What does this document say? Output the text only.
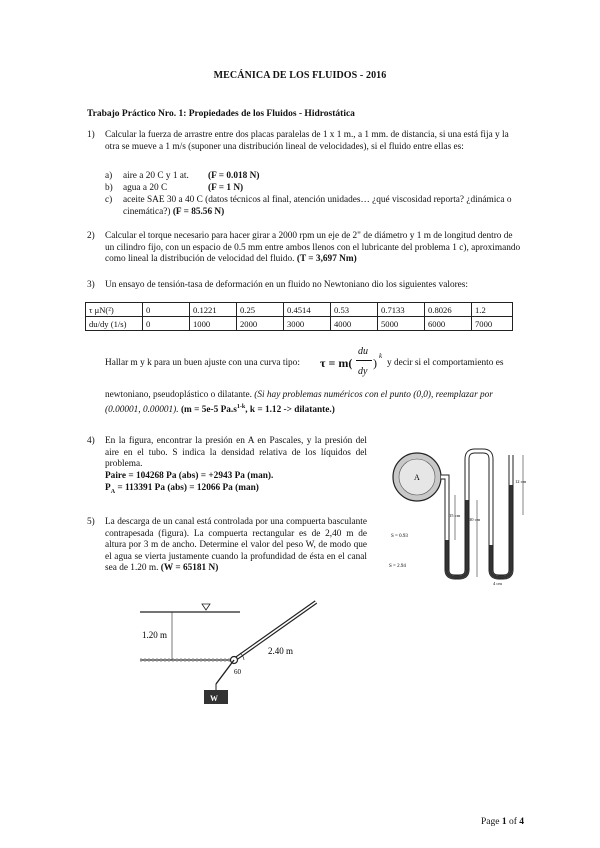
MECÁNICA DE LOS FLUIDOS - 2016
Trabajo Práctico Nro. 1: Propiedades de los Fluidos - Hidrostática
1) Calcular la fuerza de arrastre entre dos placas paralelas de 1 x 1 m., a 1 mm. de distancia, si una está fija y la otra se mueve a 1 m/s (suponer una distribución lineal de velocidades), si el fluido entre ellas es:
a) aire a 20 C y 1 at. (F = 0.018 N)
b) agua a 20 C	(F = 1 N)
c) aceite SAE 30 a 40 C (datos técnicos al final, atención unidades… ¿qué viscosidad reporta? ¿dinámica o cinemática?) (F = 85.56 N)
2) Calcular el torque necesario para hacer girar a 2000 rpm un eje de 2" de diámetro y 1 m de longitud dentro de un cilindro fijo, con un espacio de 0.5 mm entre ambos llenos con el lubricante del problema 1 c), aproximando como lineal la distribución de velocidad del fluido. (T = 3,697 Nm)
3) Un ensayo de tensión-tasa de deformación en un fluido no Newtoniano dio los siguientes valores:
τ μN(²)	0	0.1221	0.25	0.4514	0.53	0.7133	0.8026	1.2
du/dy (1/s)	0	1000	2000	3000	4000	5000	6000	7000
Hallar m y k para un buen ajuste con una curva tipo: τ = m(
du
dy
) k
y decir si el comportamiento es
newtoniano, pseudoplástico o dilatante. (Si hay problemas numéricos con el punto (0,0), reemplazar por (0.00001, 0.00001). (m = 5e-5 $Pa.s^{1-k}$, k = 1.12 -> dilatante.)
4) En la figura, encontrar la presión en A en Pascales, y la presión del aire en el tubo. S indica la densidad relativa de los líquidos del problema.
Paire = 104268 Pa (abs) = +2943 Pa (man).
$P_A = 113391$ Pa (abs) = 12066 Pa (man)
5) La descarga de un canal está controlada por una compuerta basculante contrapesada (figura). La compuerta rectangular es de 2,40 m de altura por 3 m de ancho. Determine el valor del peso W, de modo que el agua se vierta justamente cuando la profundidad de ésta en el canal sea de 1.20 m. (W = 65181 N)
A
S = 0.93
S = 2.94
30 cm
15 cm
12 cm
4 cm
W
1.20 m
2.40 m
60
Page 1 of 4
